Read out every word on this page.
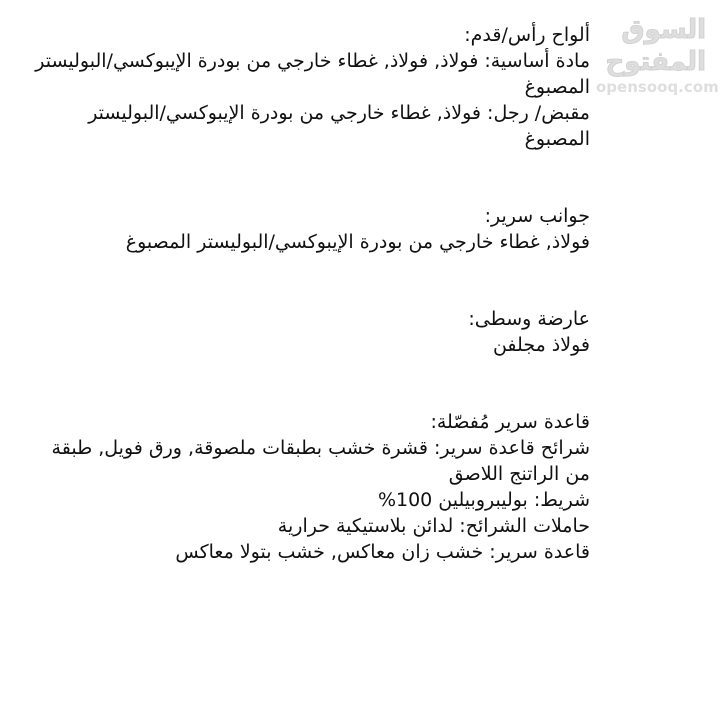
السوق المفتوح
opensooq.com

ألواح رأس/قدم:

مادة أساسية: فولاذ, فولاذ, غطاء خارجي من بودرة الإيبوكسي/البوليستر المصبوغ

مقبض/ رجل: فولاذ, غطاء خارجي من بودرة الإيبوكسي/البوليستر المصبوغ

جوانب سرير:

فولاذ, غطاء خارجي من بودرة الإيبوكسي/البوليستر المصبوغ

عارضة وسطى:

فولاذ مجلفن

قاعدة سرير مُفصّلة:

شرائح قاعدة سرير: قشرة خشب بطبقات ملصوقة, ورق فويل, طبقة من الراتنج اللاصق

شريط: بوليبروبيلين 100%

حاملات الشرائح: لدائن بلاستيكية حرارية

قاعدة سرير: خشب زان معاكس, خشب بتولا معاكس
